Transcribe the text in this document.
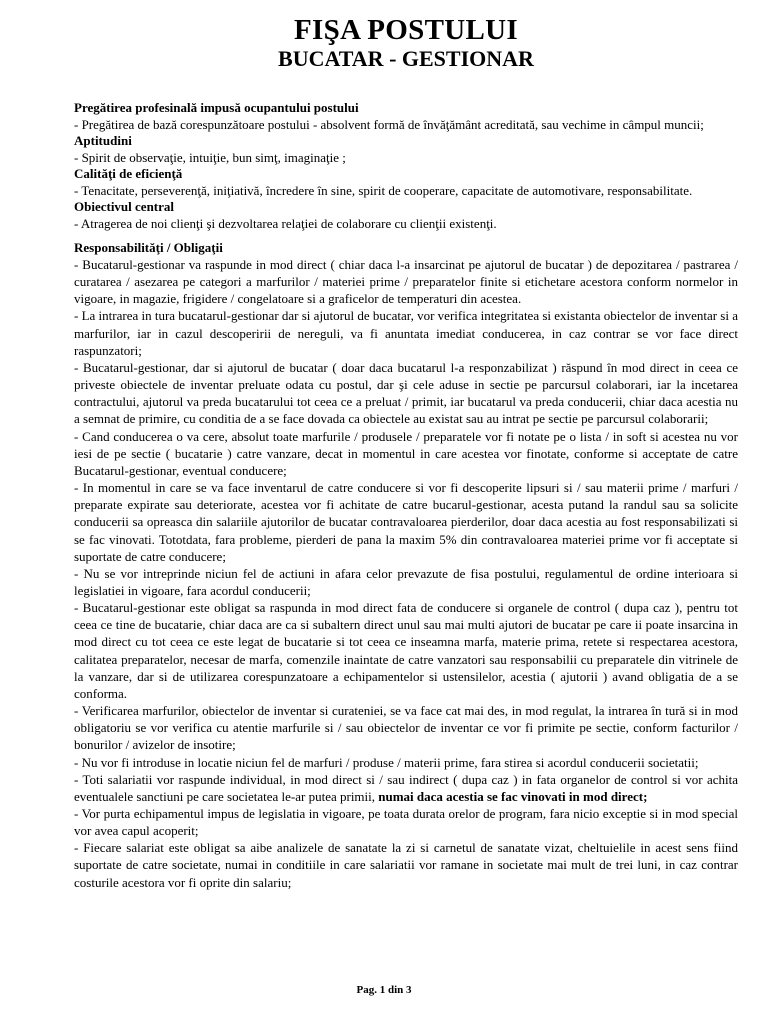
FIŞA POSTULUI
BUCATAR - GESTIONAR

Pregătirea profesinală impusă ocupantului postului

- Pregătirea de bază corespunzătoare postului - absolvent formă de învăţământ acreditată, sau vechime in câmpul muncii;

Aptitudini

- Spirit de observaţie, intuiţie, bun simţ, imaginaţie ;

Calităţi de eficienţă

- Tenacitate, perseverenţă, iniţiativă, încredere în sine, spirit de cooperare, capacitate de automotivare, responsabilitate.

Obiectivul central

- Atragerea de noi clienţi şi dezvoltarea relaţiei de colaborare cu clienţii existenţi.

Responsabilităţi / Obligaţii

- Bucatarul-gestionar va raspunde in mod direct ( chiar daca l-a insarcinat pe ajutorul de bucatar ) de depozitarea / pastrarea / curatarea / asezarea pe categori a marfurilor / materiei prime / preparatelor finite si etichetare acestora conform normelor in vigoare, in magazie, frigidere / congelatoare si a graficelor de temperaturi din acestea.

- La intrarea in tura bucatarul-gestionar dar si ajutorul de bucatar, vor verifica integritatea si existanta obiectelor de inventar si a marfurilor, iar in cazul descoperirii de nereguli, va fi anuntata imediat conducerea, in caz contrar se vor face direct raspunzatori;

- Bucatarul-gestionar, dar si ajutorul de bucatar ( doar daca bucatarul l-a responzabilizat ) răspund în mod direct in ceea ce priveste obiectele de inventar preluate odata cu postul, dar şi cele aduse in sectie pe parcursul colaborari, iar la incetarea contractului, ajutorul va preda bucatarului tot ceea ce a preluat / primit, iar bucatarul va preda conducerii, chiar daca acestia nu a semnat de primire, cu conditia de a se face dovada ca obiectele au existat sau au intrat pe sectie pe parcursul colaborarii;

- Cand conducerea o va cere, absolut toate marfurile / produsele / preparatele vor fi notate pe o lista / in soft si acestea nu vor iesi de pe sectie ( bucatarie ) catre vanzare, decat in momentul in care acestea vor finotate, conforme si acceptate de catre Bucatarul-gestionar, eventual conducere;

- In momentul in care se va face inventarul de catre conducere si vor fi descoperite lipsuri si / sau materii prime / marfuri / preparate expirate sau deteriorate, acestea vor fi achitate de catre bucarul-gestionar, acesta putand la randul sau sa solicite conducerii sa opreasca din salariile ajutorilor de bucatar contravaloarea pierderilor, doar daca acestia au fost responsabilizati si se fac vinovati. Tototdata, fara probleme, pierderi de pana la maxim 5% din contravaloarea materiei prime vor fi acceptate si suportate de catre conducere;

- Nu se vor intreprinde niciun fel de actiuni in afara celor prevazute de fisa postului, regulamentul de ordine interioara si legislatiei in vigoare, fara acordul conducerii;

- Bucatarul-gestionar este obligat sa raspunda in mod direct fata de conducere si organele de control ( dupa caz ), pentru tot ceea ce tine de bucatarie, chiar daca are ca si subaltern direct unul sau mai multi ajutori de bucatar pe care ii poate insarcina in mod direct cu tot ceea ce este legat de bucatarie si tot ceea ce inseamna marfa, materie prima, retete si respectarea acestora, calitatea preparatelor, necesar de marfa, comenzile inaintate de catre vanzatori sau responsabilii cu preparatele din vitrinele de la vanzare, dar si de utilizarea corespunzatoare a echipamentelor si ustensilelor, acestia ( ajutorii ) avand obligatia de a se conforma.

- Verificarea marfurilor, obiectelor de inventar si curateniei, se va face cat mai des, in mod regulat, la intrarea în tură si in mod obligatoriu se vor verifica cu atentie marfurile si / sau obiectelor de inventar ce vor fi primite pe sectie, conform facturilor / bonurilor / avizelor de insotire;

- Nu vor fi introduse in locatie niciun fel de marfuri / produse / materii prime, fara stirea si acordul conducerii societatii;

- Toti salariatii vor raspunde individual, in mod direct si / sau indirect ( dupa caz ) in fata organelor de control si vor achita eventualele sanctiuni pe care societatea le-ar putea primii, numai daca acestia se fac vinovati in mod direct;

- Vor purta echipamentul impus de legislatia in vigoare, pe toata durata orelor de program, fara nicio exceptie si in mod special vor avea capul acoperit;

- Fiecare salariat este obligat sa aibe analizele de sanatate la zi si carnetul de sanatate vizat, cheltuielile in acest sens fiind suportate de catre societate, numai in conditiile in care salariatii vor ramane in societate mai mult de trei luni, in caz contrar costurile acestora vor fi oprite din salariu;

Pag. 1 din 3
